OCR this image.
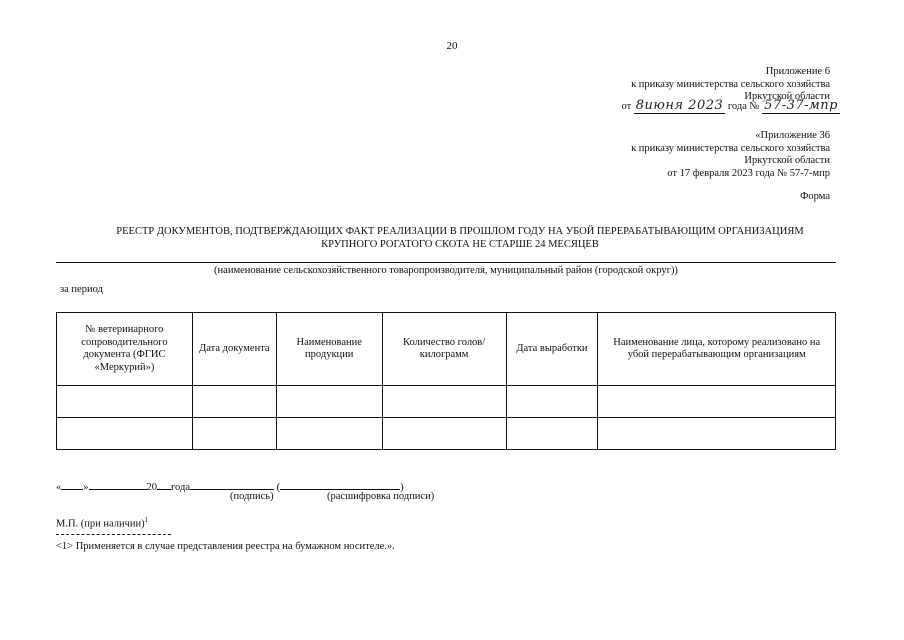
20
Приложение 6
к приказу министерства сельского хозяйства
Иркутской области
от 8июня 2023 года № 57-37-мпр
«Приложение 36
к приказу министерства сельского хозяйства
Иркутской области
от 17 февраля 2023 года № 57-7-мпр
Форма
РЕЕСТР ДОКУМЕНТОВ, ПОДТВЕРЖДАЮЩИХ ФАКТ РЕАЛИЗАЦИИ В ПРОШЛОМ ГОДУ НА УБОЙ ПЕРЕРАБАТЫВАЮЩИМ ОРГАНИЗАЦИЯМ
КРУПНОГО РОГАТОГО СКОТА НЕ СТАРШЕ 24 МЕСЯЦЕВ
(наименование сельскохозяйственного товаропроизводителя, муниципальный район (городской округ))
за период
№ ветеринарного сопроводительного документа (ФГИС «Меркурий»)	Дата документа	Наименование продукции	Количество голов/килограмм	Дата выработки	Наименование лица, которому реализовано на убой перерабатывающим организациям

« »	20 года	(	)
(подпись)	(расшифровка подписи)
М.П. (при наличии)$^1$
<1> Применяется в случае представления реестра на бумажном носителе.».
